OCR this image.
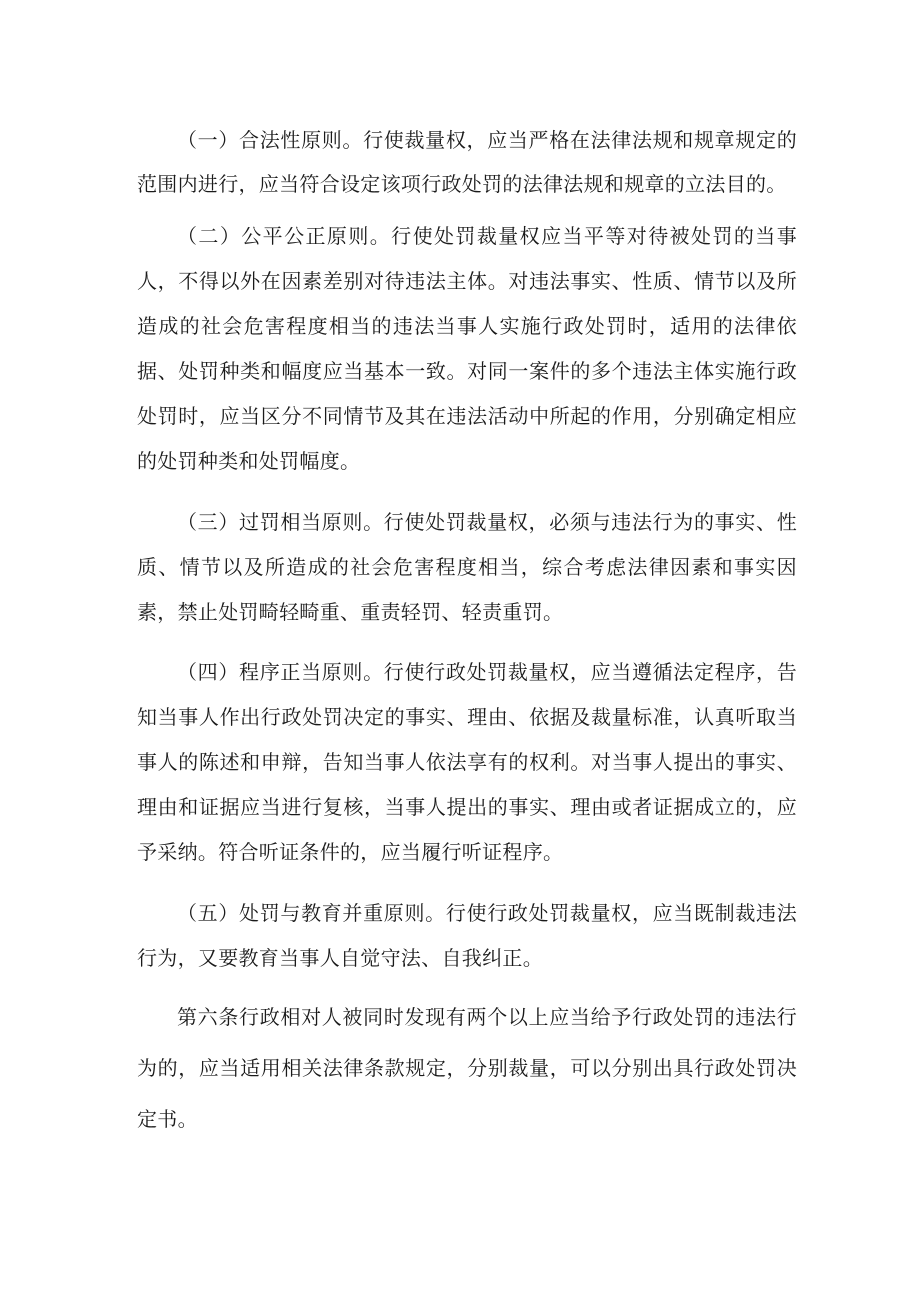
（一）合法性原则。行使裁量权，应当严格在法律法规和规章规定的范围内进行，应当符合设定该项行政处罚的法律法规和规章的立法目的。

（二）公平公正原则。行使处罚裁量权应当平等对待被处罚的当事人，不得以外在因素差别对待违法主体。对违法事实、性质、情节以及所造成的社会危害程度相当的违法当事人实施行政处罚时，适用的法律依据、处罚种类和幅度应当基本一致。对同一案件的多个违法主体实施行政处罚时，应当区分不同情节及其在违法活动中所起的作用，分别确定相应的处罚种类和处罚幅度。

（三）过罚相当原则。行使处罚裁量权，必须与违法行为的事实、性质、情节以及所造成的社会危害程度相当，综合考虑法律因素和事实因素，禁止处罚畸轻畸重、重责轻罚、轻责重罚。

（四）程序正当原则。行使行政处罚裁量权，应当遵循法定程序，告知当事人作出行政处罚决定的事实、理由、依据及裁量标准，认真听取当事人的陈述和申辩，告知当事人依法享有的权利。对当事人提出的事实、理由和证据应当进行复核，当事人提出的事实、理由或者证据成立的，应予采纳。符合听证条件的，应当履行听证程序。

（五）处罚与教育并重原则。行使行政处罚裁量权，应当既制裁违法行为，又要教育当事人自觉守法、自我纠正。

第六条行政相对人被同时发现有两个以上应当给予行政处罚的违法行为的，应当适用相关法律条款规定，分别裁量，可以分别出具行政处罚决定书。
